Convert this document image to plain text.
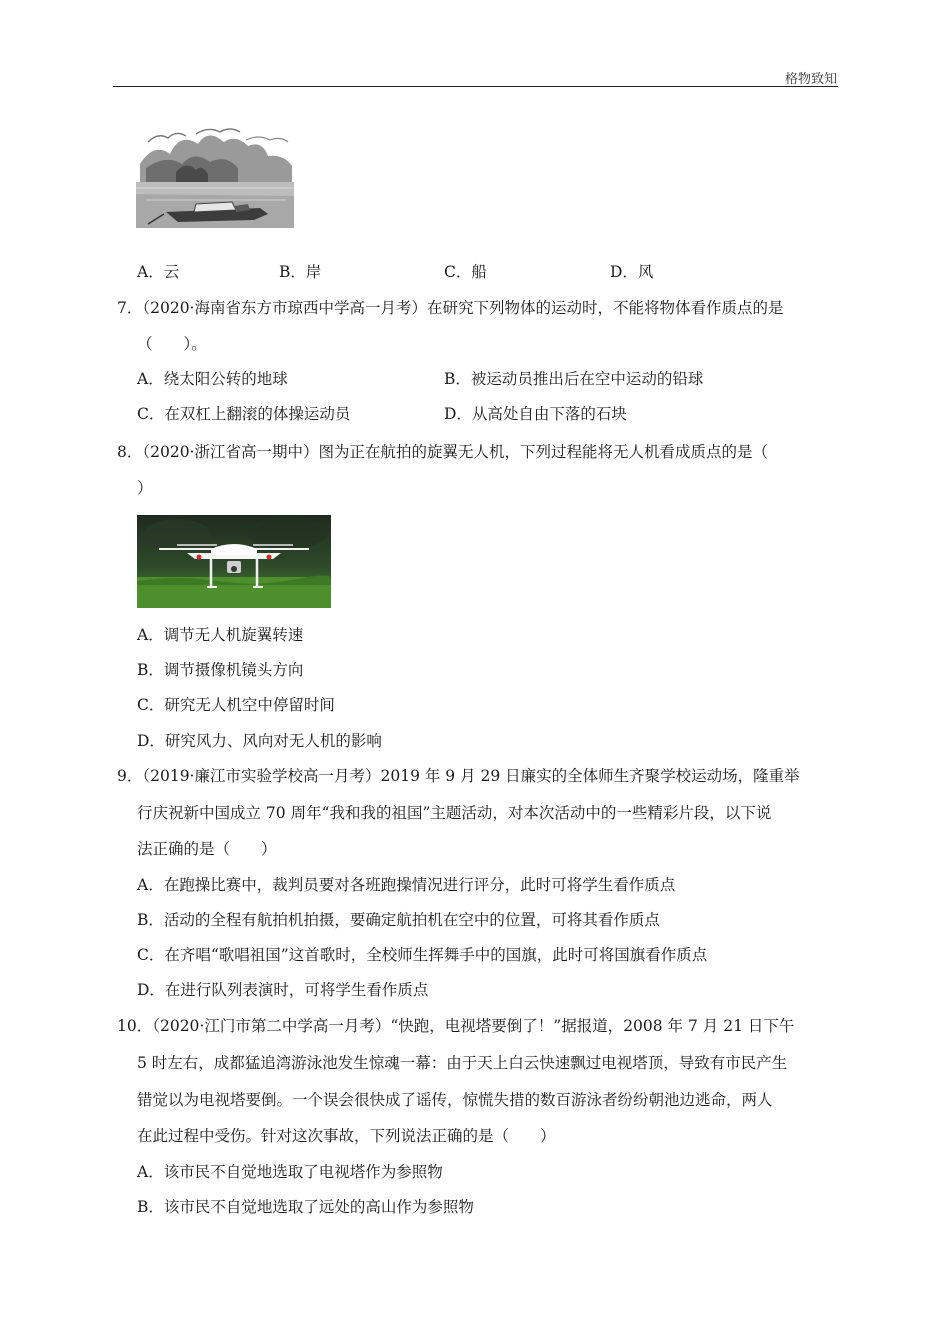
格物致知
A．云	B．岸	C．船	D．风
7．（2020·海南省东方市琼西中学高一月考）在研究下列物体的运动时，不能将物体看作质点的是
（　　）。
A．绕太阳公转的地球	B．被运动员推出后在空中运动的铅球
C．在双杠上翻滚的体操运动员	D．从高处自由下落的石块
8．（2020·浙江省高一期中）图为正在航拍的旋翼无人机，下列过程能将无人机看成质点的是（
）
A．调节无人机旋翼转速
B．调节摄像机镜头方向
C．研究无人机空中停留时间
D．研究风力、风向对无人机的影响
9．（2019·廉江市实验学校高一月考）2019 年 9 月 29 日廉实的全体师生齐聚学校运动场，隆重举
行庆祝新中国成立 70 周年“我和我的祖国”主题活动，对本次活动中的一些精彩片段，以下说
法正确的是（　　）
A．在跑操比赛中，裁判员要对各班跑操情况进行评分，此时可将学生看作质点
B．活动的全程有航拍机拍摄，要确定航拍机在空中的位置，可将其看作质点
C．在齐唱“歌唱祖国”这首歌时，全校师生挥舞手中的国旗，此时可将国旗看作质点
D．在进行队列表演时，可将学生看作质点
10．（2020·江门市第二中学高一月考）“快跑，电视塔要倒了！”据报道，2008 年 7 月 21 日下午
5 时左右，成都猛追湾游泳池发生惊魂一幕：由于天上白云快速飘过电视塔顶，导致有市民产生
错觉以为电视塔要倒。一个误会很快成了谣传，惊慌失措的数百游泳者纷纷朝池边逃命，两人
在此过程中受伤。针对这次事故，下列说法正确的是（　　）
A．该市民不自觉地选取了电视塔作为参照物
B．该市民不自觉地选取了远处的高山作为参照物
